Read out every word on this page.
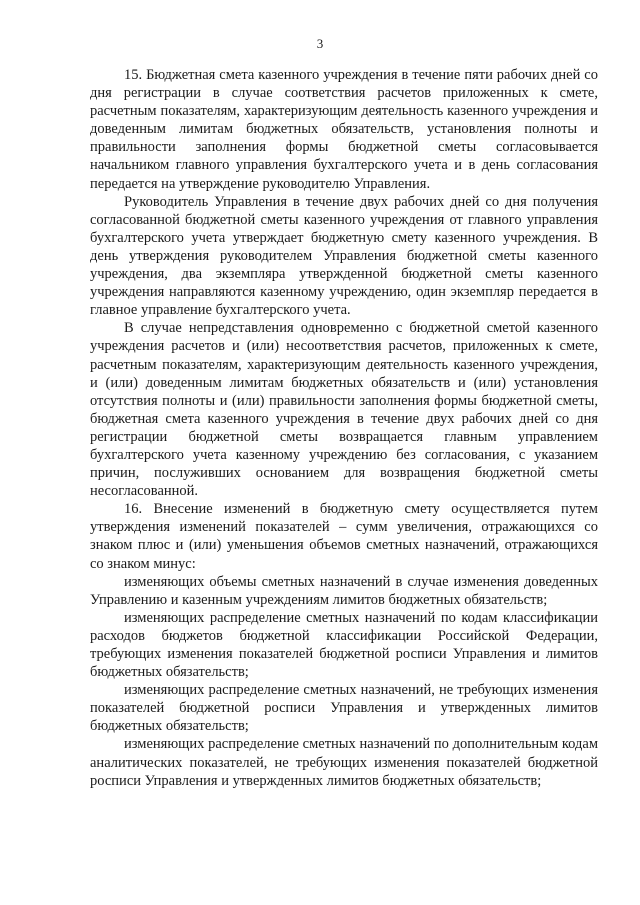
3

15. Бюджетная смета казенного учреждения в течение пяти рабочих дней со дня регистрации в случае соответствия расчетов приложенных к смете, расчетным показателям, характеризующим деятельность казенного учреждения и доведенным лимитам бюджетных обязательств, установления полноты и правильности заполнения формы бюджетной сметы согласовывается начальником главного управления бухгалтерского учета и в день согласования передается на утверждение руководителю Управления.

Руководитель Управления в течение двух рабочих дней со дня получения согласованной бюджетной сметы казенного учреждения от главного управления бухгалтерского учета утверждает бюджетную смету казенного учреждения. В день утверждения руководителем Управления бюджетной сметы казенного учреждения, два экземпляра утвержденной бюджетной сметы казенного учреждения направляются казенному учреждению, один экземпляр передается в главное управление бухгалтерского учета.

В случае непредставления одновременно с бюджетной сметой казенного учреждения расчетов и (или) несоответствия расчетов, приложенных к смете, расчетным показателям, характеризующим деятельность казенного учреждения, и (или) доведенным лимитам бюджетных обязательств и (или) установления отсутствия полноты и (или) правильности заполнения формы бюджетной сметы, бюджетная смета казенного учреждения в течение двух рабочих дней со дня регистрации бюджетной сметы возвращается главным управлением бухгалтерского учета казенному учреждению без согласования, с указанием причин, послуживших основанием для возвращения бюджетной сметы несогласованной.

16. Внесение изменений в бюджетную смету осуществляется путем утверждения изменений показателей – сумм увеличения, отражающихся со знаком плюс и (или) уменьшения объемов сметных назначений, отражающихся со знаком минус:

изменяющих объемы сметных назначений в случае изменения доведенных Управлению и казенным учреждениям лимитов бюджетных обязательств;

изменяющих распределение сметных назначений по кодам классификации расходов бюджетов бюджетной классификации Российской Федерации, требующих изменения показателей бюджетной росписи Управления и лимитов бюджетных обязательств;

изменяющих распределение сметных назначений, не требующих изменения показателей бюджетной росписи Управления и утвержденных лимитов бюджетных обязательств;

изменяющих распределение сметных назначений по дополнительным кодам аналитических показателей, не требующих изменения показателей бюджетной росписи Управления и утвержденных лимитов бюджетных обязательств;
